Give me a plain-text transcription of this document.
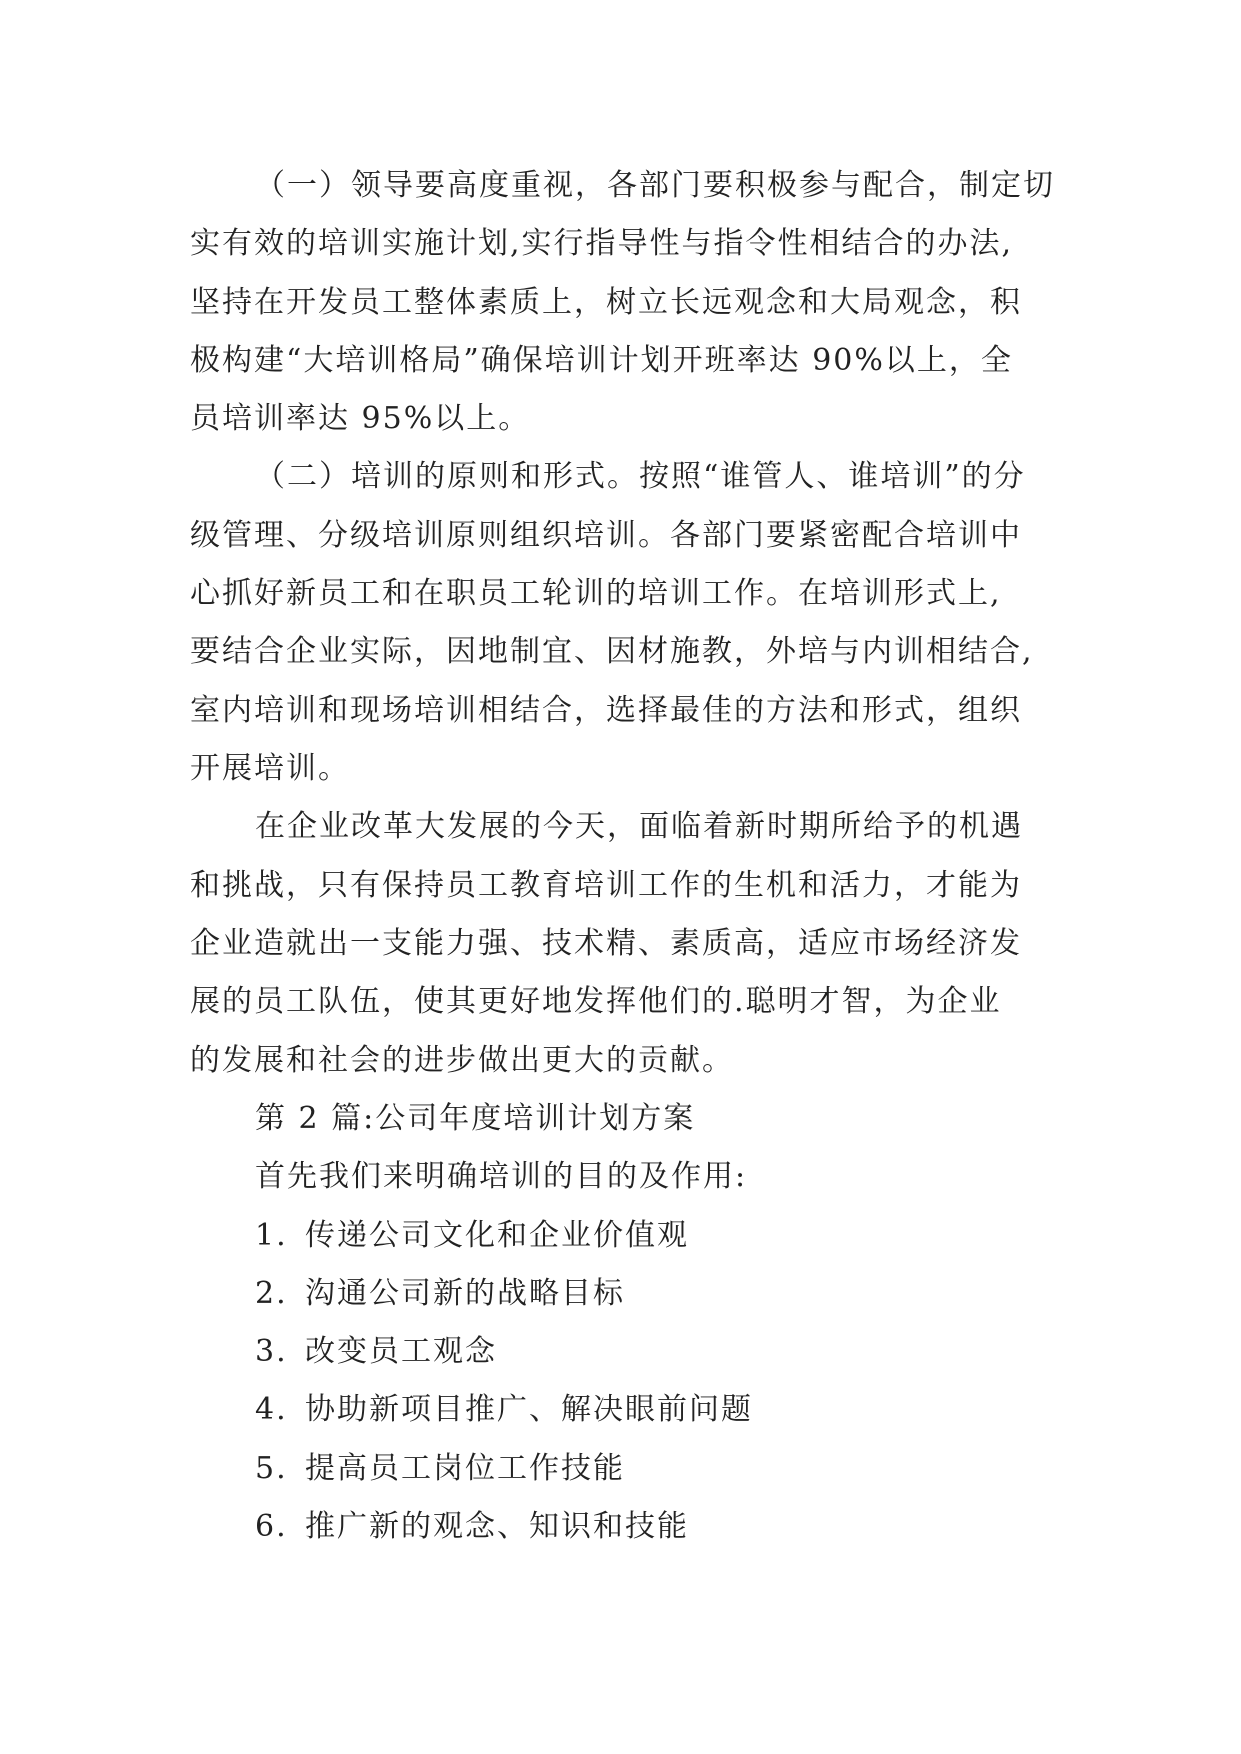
（一）领导要高度重视，各部门要积极参与配合，制定切
实有效的培训实施计划,实行指导性与指令性相结合的办法,
坚持在开发员工整体素质上，树立长远观念和大局观念，积
极构建“大培训格局”确保培训计划开班率达 90%以上，全
员培训率达 95%以上。
（二）培训的原则和形式。按照“谁管人、谁培训”的分
级管理、分级培训原则组织培训。各部门要紧密配合培训中
心抓好新员工和在职员工轮训的培训工作。在培训形式上,
要结合企业实际，因地制宜、因材施教，外培与内训相结合,
室内培训和现场培训相结合，选择最佳的方法和形式，组织
开展培训。
在企业改革大发展的今天，面临着新时期所给予的机遇
和挑战，只有保持员工教育培训工作的生机和活力，才能为
企业造就出一支能力强、技术精、素质高，适应市场经济发
展的员工队伍，使其更好地发挥他们的.聪明才智，为企业
的发展和社会的进步做出更大的贡献。
第 2 篇:公司年度培训计划方案
首先我们来明确培训的目的及作用:
1. 传递公司文化和企业价值观
2. 沟通公司新的战略目标
3. 改变员工观念
4. 协助新项目推广、解决眼前问题
5. 提高员工岗位工作技能
6. 推广新的观念、知识和技能
